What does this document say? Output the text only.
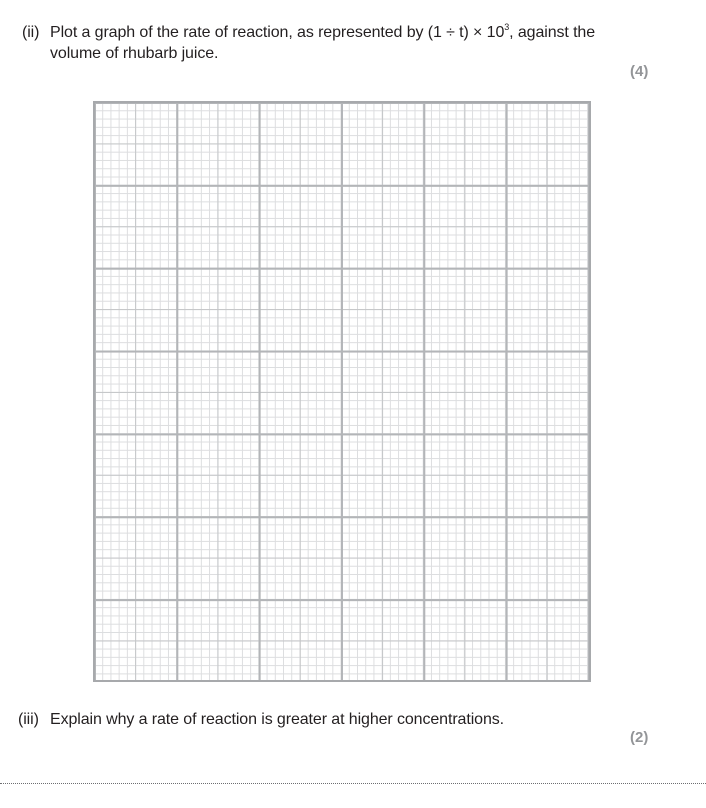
(ii) Plot a graph of the rate of reaction, as represented by $(1 \div t) \times 10^3$, against the volume of rhubarb juice.
(4)
(iii) Explain why a rate of reaction is greater at higher concentrations.
(2)
